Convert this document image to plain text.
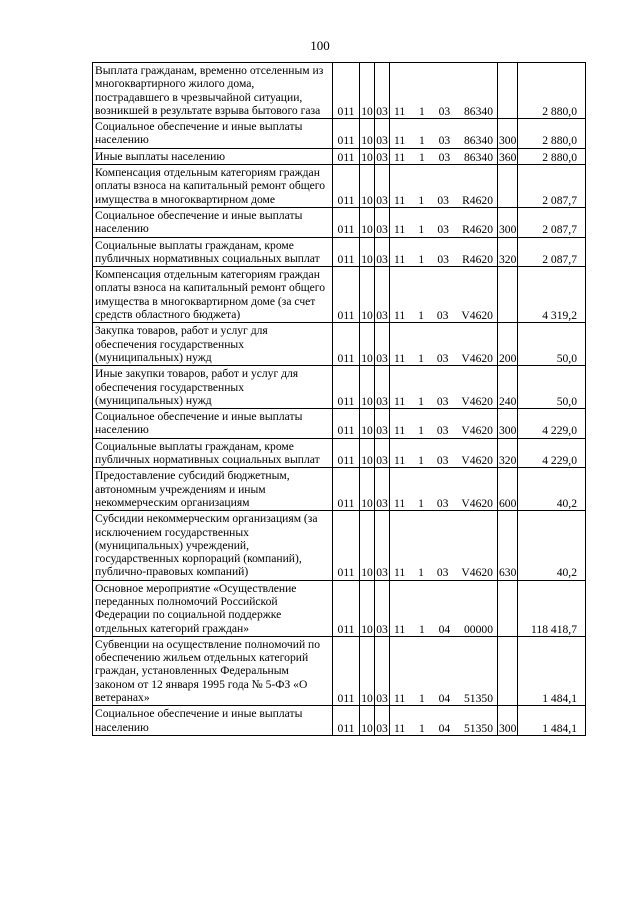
100
Выплата гражданам, временно отселенным из многоквартирного жилого дома, пострадавшего в чрезвычайной ситуации, возникшей в результате взрыва бытового газа	011	10	03	11 1 03 86340		2 880,0
Социальное обеспечение и иные выплаты населению	011	10	03	11 1 03 86340	300	2 880,0
Иные выплаты населению	011	10	03	11 1 03 86340	360	2 880,0
Компенсация отдельным категориям граждан оплаты взноса на капитальный ремонт общего имущества в многоквартирном доме	011	10	03	11 1 03 R4620		2 087,7
Социальное обеспечение и иные выплаты населению	011	10	03	11 1 03 R4620	300	2 087,7
Социальные выплаты гражданам, кроме публичных нормативных социальных выплат	011	10	03	11 1 03 R4620	320	2 087,7
Компенсация отдельным категориям граждан оплаты взноса на капитальный ремонт общего имущества в многоквартирном доме (за счет средств областного бюджета)	011	10	03	11 1 03 V4620		4 319,2
Закупка товаров, работ и услуг для обеспечения государственных (муниципальных) нужд	011	10	03	11 1 03 V4620	200	50,0
Иные закупки товаров, работ и услуг для обеспечения государственных (муниципальных) нужд	011	10	03	11 1 03 V4620	240	50,0
Социальное обеспечение и иные выплаты населению	011	10	03	11 1 03 V4620	300	4 229,0
Социальные выплаты гражданам, кроме публичных нормативных социальных выплат	011	10	03	11 1 03 V4620	320	4 229,0
Предоставление субсидий бюджетным, автономным учреждениям и иным некоммерческим организациям	011	10	03	11 1 03 V4620	600	40,2
Субсидии некоммерческим организациям (за исключением государственных (муниципальных) учреждений, государственных корпораций (компаний), публично-правовых компаний)	011	10	03	11 1 03 V4620	630	40,2
Основное мероприятие «Осуществление переданных полномочий Российской Федерации по социальной поддержке отдельных категорий граждан»	011	10	03	11 1 04 00000		118 418,7
Субвенции на осуществление полномочий по обеспечению жильем отдельных категорий граждан, установленных Федеральным законом от 12 января 1995 года № 5-ФЗ «О ветеранах»	011	10	03	11 1 04 51350		1 484,1
Социальное обеспечение и иные выплаты населению	011	10	03	11 1 04 51350	300	1 484,1
